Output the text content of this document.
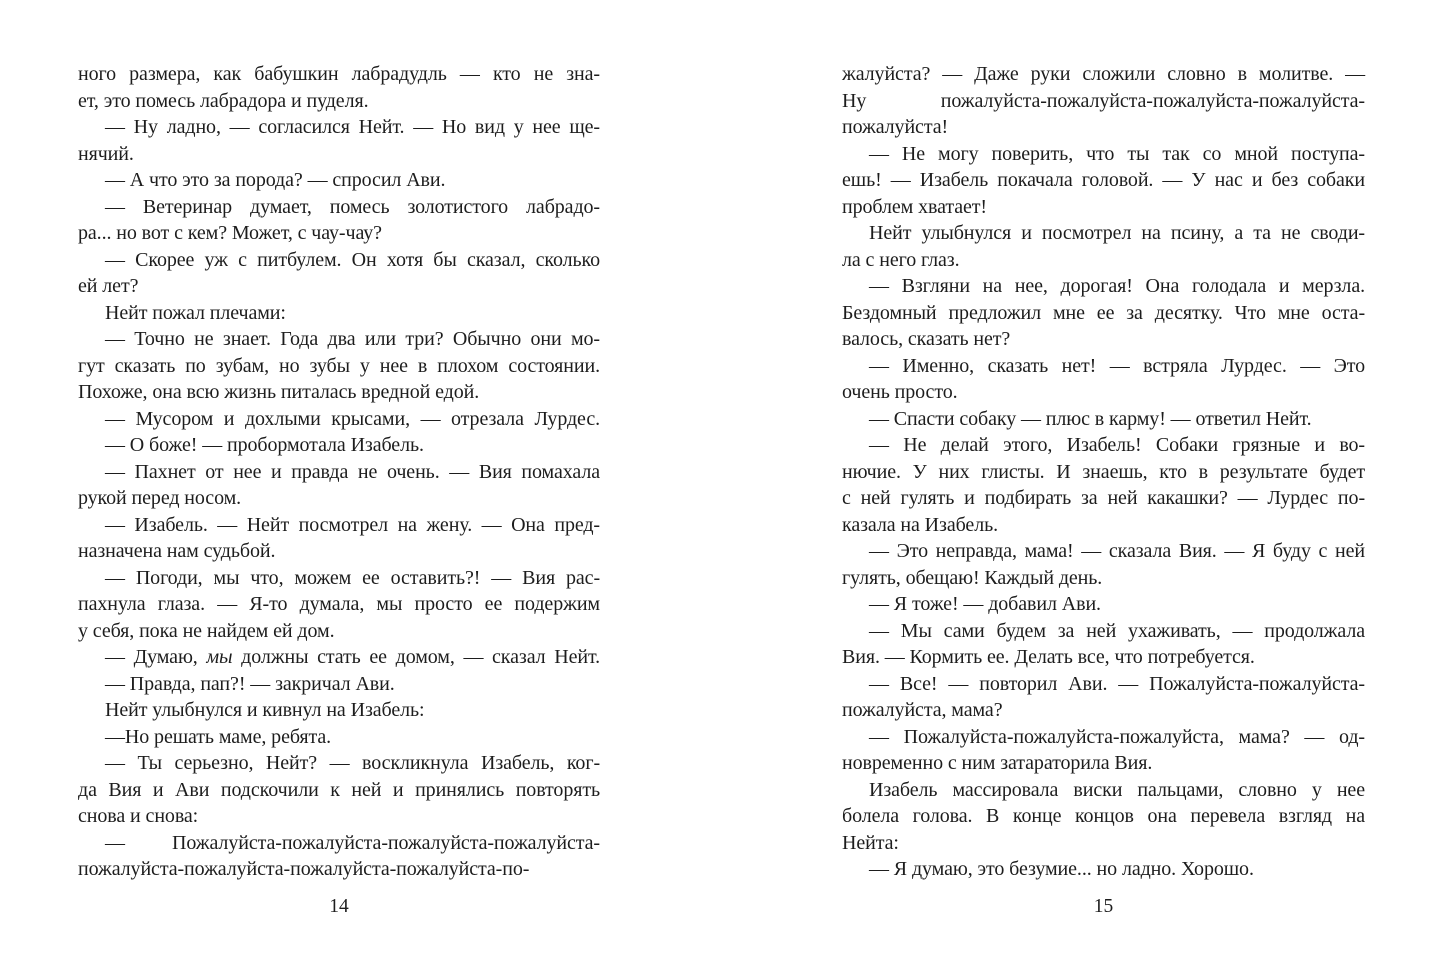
ного размера, как бабушкин лабрадудль — кто не зна-
ет, это помесь лабрадора и пуделя.
— Ну ладно, — согласился Нейт. — Но вид у нее ще-
нячий.
— А что это за порода? — спросил Ави.
— Ветеринар думает, помесь золотистого лабрадо-
ра... но вот с кем? Может, с чау-чау?
— Скорее уж с питбулем. Он хотя бы сказал, сколько
ей лет?
Нейт пожал плечами:
— Точно не знает. Года два или три? Обычно они мо-
гут сказать по зубам, но зубы у нее в плохом состоянии.
Похоже, она всю жизнь питалась вредной едой.
— Мусором и дохлыми крысами, — отрезала Лурдес.
— О боже! — пробормотала Изабель.
— Пахнет от нее и правда не очень. — Вия помахала
рукой перед носом.
— Изабель. — Нейт посмотрел на жену. — Она пред-
назначена нам судьбой.
— Погоди, мы что, можем ее оставить?! — Вия рас-
пахнула глаза. — Я-то думала, мы просто ее подержим
у себя, пока не найдем ей дом.
— Думаю, мы должны стать ее домом, — сказал Нейт.
— Правда, пап?! — закричал Ави.
Нейт улыбнулся и кивнул на Изабель:
—Но решать маме, ребята.
— Ты серьезно, Нейт? — воскликнула Изабель, ког-
да Вия и Ави подскочили к ней и принялись повторять
снова и снова:
— Пожалуйста-пожалуйста-пожалуйста-пожалуйста-
пожалуйста-пожалуйста-пожалуйста-пожалуйста-по-
14
жалуйста? — Даже руки сложили словно в молитве. —
Ну пожалуйста-пожалуйста-пожалуйста-пожалуйста-
пожалуйста!
— Не могу поверить, что ты так со мной поступа-
ешь! — Изабель покачала головой. — У нас и без собаки
проблем хватает!
Нейт улыбнулся и посмотрел на псину, а та не своди-
ла с него глаз.
— Взгляни на нее, дорогая! Она голодала и мерзла.
Бездомный предложил мне ее за десятку. Что мне оста-
валось, сказать нет?
— Именно, сказать нет! — встряла Лурдес. — Это
очень просто.
— Спасти собаку — плюс в карму! — ответил Нейт.
— Не делай этого, Изабель! Собаки грязные и во-
нючие. У них глисты. И знаешь, кто в результате будет
с ней гулять и подбирать за ней какашки? — Лурдес по-
казала на Изабель.
— Это неправда, мама! — сказала Вия. — Я буду с ней
гулять, обещаю! Каждый день.
— Я тоже! — добавил Ави.
— Мы сами будем за ней ухаживать, — продолжала
Вия. — Кормить ее. Делать все, что потребуется.
— Все! — повторил Ави. — Пожалуйста-пожалуйста-
пожалуйста, мама?
— Пожалуйста-пожалуйста-пожалуйста, мама? — од-
новременно с ним затараторила Вия.
Изабель массировала виски пальцами, словно у нее
болела голова. В конце концов она перевела взгляд на
Нейта:
— Я думаю, это безумие... но ладно. Хорошо.
15
